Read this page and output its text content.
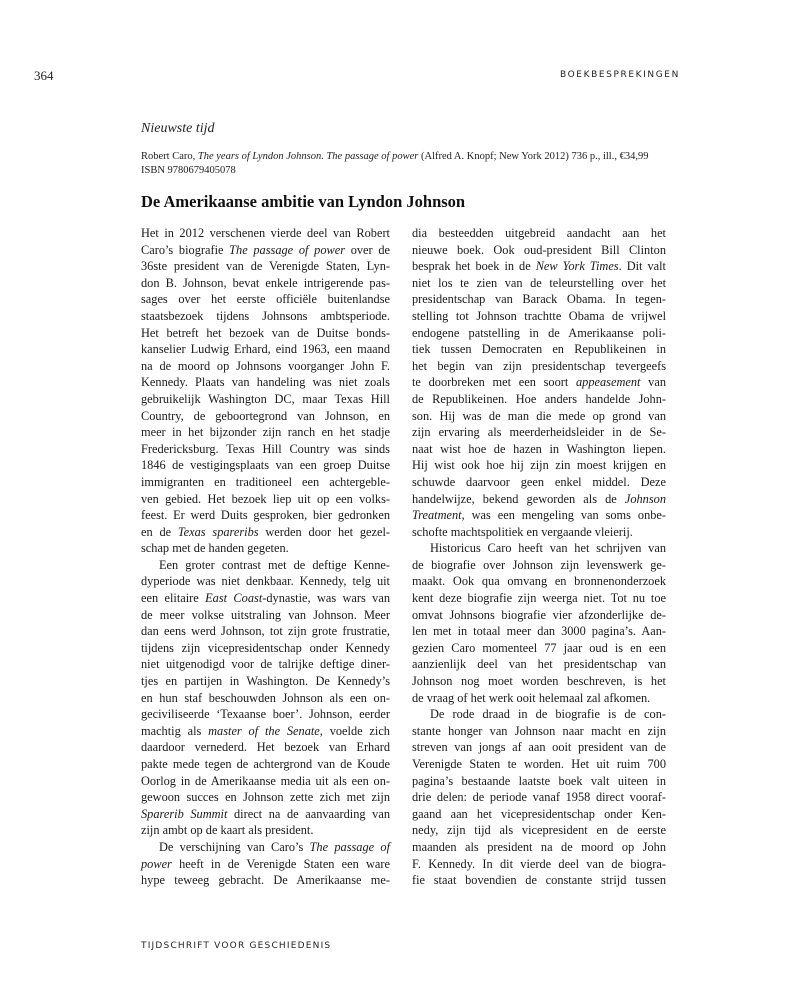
364	BOEKBESPREKINGEN
Nieuwste tijd
Robert Caro, The years of Lyndon Johnson. The passage of power (Alfred A. Knopf; New York 2012) 736 p., ill., €34,99
ISBN 9780679405078
De Amerikaanse ambitie van Lyndon Johnson
Het in 2012 verschenen vierde deel van Robert
Caro’s biografie The passage of power over de
36ste president van de Verenigde Staten, Lyn-
don B. Johnson, bevat enkele intrigerende pas-
sages over het eerste officiële buitenlandse
staatsbezoek tijdens Johnsons ambtsperiode.
Het betreft het bezoek van de Duitse bonds-
kanselier Ludwig Erhard, eind 1963, een maand
na de moord op Johnsons voorganger John F.
Kennedy. Plaats van handeling was niet zoals
gebruikelijk Washington DC, maar Texas Hill
Country, de geboortegrond van Johnson, en
meer in het bijzonder zijn ranch en het stadje
Fredericksburg. Texas Hill Country was sinds
1846 de vestigingsplaats van een groep Duitse
immigranten en traditioneel een achtergeble-
ven gebied. Het bezoek liep uit op een volks-
feest. Er werd Duits gesproken, bier gedronken
en de Texas spareribs werden door het gezel-
schap met de handen gegeten.
Een groter contrast met de deftige Kenne-
dyperiode was niet denkbaar. Kennedy, telg uit
een elitaire East Coast-dynastie, was wars van
de meer volkse uitstraling van Johnson. Meer
dan eens werd Johnson, tot zijn grote frustratie,
tijdens zijn vicepresidentschap onder Kennedy
niet uitgenodigd voor de talrijke deftige diner-
tjes en partijen in Washington. De Kennedy’s
en hun staf beschouwden Johnson als een on-
geciviliseerde ‘Texaanse boer’. Johnson, eerder
machtig als master of the Senate, voelde zich
daardoor vernederd. Het bezoek van Erhard
pakte mede tegen de achtergrond van de Koude
Oorlog in de Amerikaanse media uit als een on-
gewoon succes en Johnson zette zich met zijn
Sparerib Summit direct na de aanvaarding van
zijn ambt op de kaart als president.
De verschijning van Caro’s The passage of
power heeft in de Verenigde Staten een ware
hype teweeg gebracht. De Amerikaanse me-
dia besteedden uitgebreid aandacht aan het
nieuwe boek. Ook oud-president Bill Clinton
besprak het boek in de New York Times. Dit valt
niet los te zien van de teleurstelling over het
presidentschap van Barack Obama. In tegen-
stelling tot Johnson trachtte Obama de vrijwel
endogene patstelling in de Amerikaanse poli-
tiek tussen Democraten en Republikeinen in
het begin van zijn presidentschap tevergeefs
te doorbreken met een soort appeasement van
de Republikeinen. Hoe anders handelde John-
son. Hij was de man die mede op grond van
zijn ervaring als meerderheidsleider in de Se-
naat wist hoe de hazen in Washington liepen.
Hij wist ook hoe hij zijn zin moest krijgen en
schuwde daarvoor geen enkel middel. Deze
handelwijze, bekend geworden als de Johnson
Treatment, was een mengeling van soms onbe-
schofte machtspolitiek en vergaande vleierij.
Historicus Caro heeft van het schrijven van
de biografie over Johnson zijn levenswerk ge-
maakt. Ook qua omvang en bronnenonderzoek
kent deze biografie zijn weerga niet. Tot nu toe
omvat Johnsons biografie vier afzonderlijke de-
len met in totaal meer dan 3000 pagina’s. Aan-
gezien Caro momenteel 77 jaar oud is en een
aanzienlijk deel van het presidentschap van
Johnson nog moet worden beschreven, is het
de vraag of het werk ooit helemaal zal afkomen.
De rode draad in de biografie is de con-
stante honger van Johnson naar macht en zijn
streven van jongs af aan ooit president van de
Verenigde Staten te worden. Het uit ruim 700
pagina’s bestaande laatste boek valt uiteen in
drie delen: de periode vanaf 1958 direct vooraf-
gaand aan het vicepresidentschap onder Ken-
nedy, zijn tijd als vicepresident en de eerste
maanden als president na de moord op John
F. Kennedy. In dit vierde deel van de biogra-
fie staat bovendien de constante strijd tussen
TIJDSCHRIFT VOOR GESCHIEDENIS
